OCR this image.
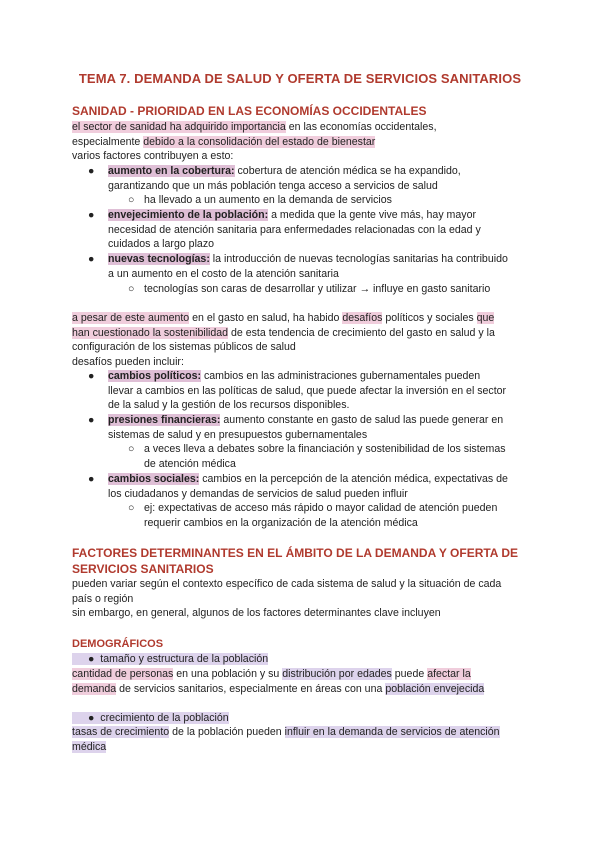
TEMA 7. DEMANDA DE SALUD Y OFERTA DE SERVICIOS SANITARIOS
SANIDAD - PRIORIDAD EN LAS ECONOMÍAS OCCIDENTALES
el sector de sanidad ha adquirido importancia en las economías occidentales,
especialmente debido a la consolidación del estado de bienestar
varios factores contribuyen a esto:
●	aumento en la cobertura: cobertura de atención médica se ha expandido,
garantizando que un más población tenga acceso a servicios de salud
○ ha llevado a un aumento en la demanda de servicios
●	envejecimiento de la población: a medida que la gente vive más, hay mayor
necesidad de atención sanitaria para enfermedades relacionadas con la edad y
cuidados a largo plazo
●	nuevas tecnologías: la introducción de nuevas tecnologías sanitarias ha contribuido
a un aumento en el costo de la atención sanitaria
○ tecnologías son caras de desarrollar y utilizar → influye en gasto sanitario
a pesar de este aumento en el gasto en salud, ha habido desafíos políticos y sociales que
han cuestionado la sostenibilidad de esta tendencia de crecimiento del gasto en salud y la
configuración de los sistemas públicos de salud
desafíos pueden incluir:
●	cambios políticos: cambios en las administraciones gubernamentales pueden
llevar a cambios en las políticas de salud, que puede afectar la inversión en el sector
de la salud y la gestión de los recursos disponibles.
●	presiones financieras: aumento constante en gasto de salud las puede generar en
sistemas de salud y en presupuestos gubernamentales
○ a veces lleva a debates sobre la financiación y sostenibilidad de los sistemas
de atención médica
●	cambios sociales: cambios en la percepción de la atención médica, expectativas de
los ciudadanos y demandas de servicios de salud pueden influir
○ ej: expectativas de acceso más rápido o mayor calidad de atención pueden
requerir cambios en la organización de la atención médica
FACTORES DETERMINANTES EN EL ÁMBITO DE LA DEMANDA Y OFERTA DE
SERVICIOS SANITARIOS
pueden variar según el contexto específico de cada sistema de salud y la situación de cada
país o región
sin embargo, en general, algunos de los factores determinantes clave incluyen
DEMOGRÁFICOS
● tamaño y estructura de la población
cantidad de personas en una población y su distribución por edades puede afectar la
demanda de servicios sanitarios, especialmente en áreas con una población envejecida
● crecimiento de la población
tasas de crecimiento de la población pueden influir en la demanda de servicios de atención
médica
